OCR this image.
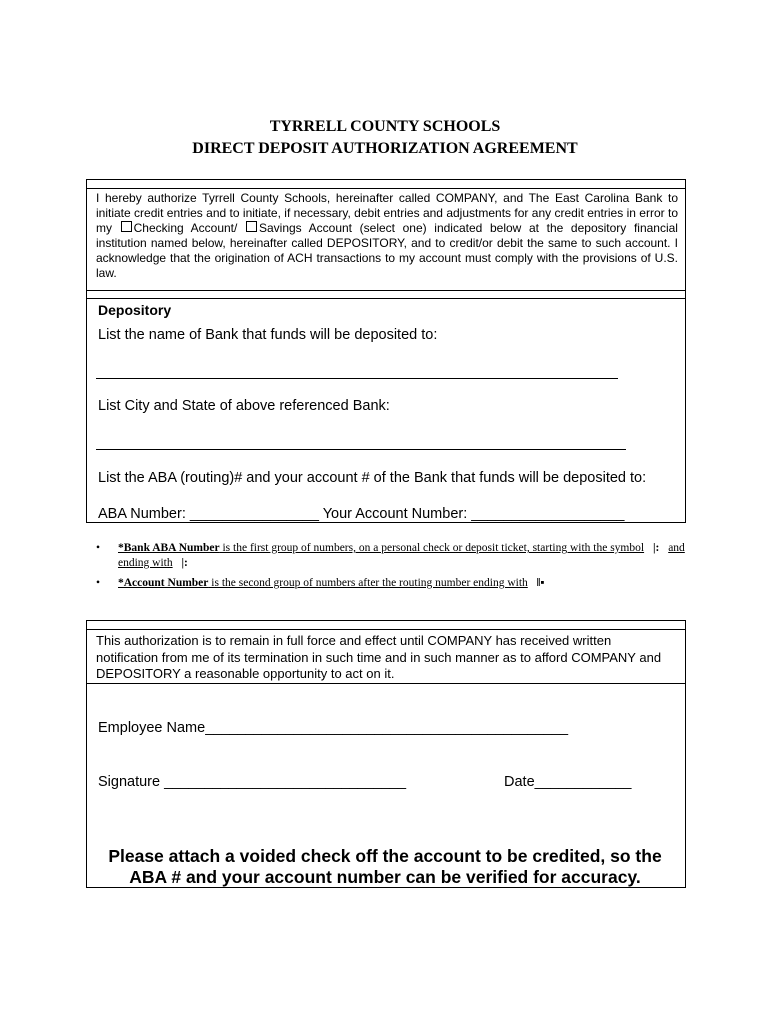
TYRRELL COUNTY SCHOOLS
DIRECT DEPOSIT AUTHORIZATION AGREEMENT
I hereby authorize Tyrrell County Schools, hereinafter called COMPANY, and The East Carolina Bank to initiate credit entries and to initiate, if necessary, debit entries and adjustments for any credit entries in error to my Checking Account/ Savings Account (select one) indicated below at the depository financial institution named below, hereinafter called DEPOSITORY, and to credit/or debit the same to such account. I acknowledge that the origination of ACH transactions to my account must comply with the provisions of U.S. law.
Depository
List the name of Bank that funds will be deposited to:
List City and State of above referenced Bank:
List the ABA (routing)# and your account # of the Bank that funds will be deposited to:
ABA Number: ________________ Your Account Number: ___________________
• *Bank ABA Number is the first group of numbers, on a personal check or deposit ticket, starting with the symbol |: and ending with |:
• *Account Number is the second group of numbers after the routing number ending with ‖▪
This authorization is to remain in full force and effect until COMPANY has received written notification from me of its termination in such time and in such manner as to afford COMPANY and DEPOSITORY a reasonable opportunity to act on it.
Employee Name_____________________________________________
Signature ______________________________	Date____________
Please attach a voided check off the account to be credited, so the
ABA # and your account number can be verified for accuracy.
